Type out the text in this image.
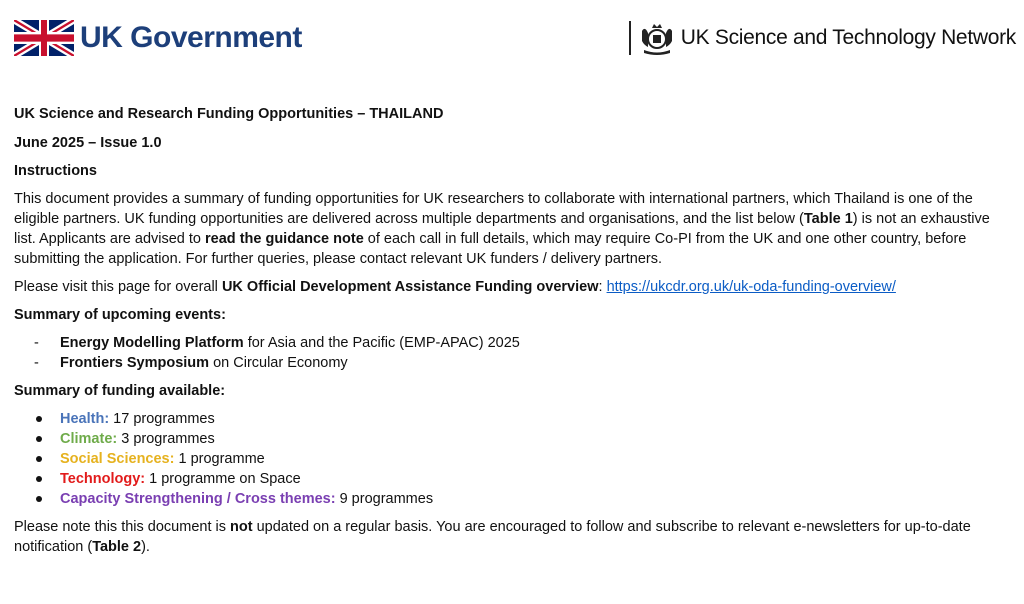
UK Government	UK Science and Technology Network

UK Science and Research Funding Opportunities – THAILAND

June 2025 – Issue 1.0

Instructions

This document provides a summary of funding opportunities for UK researchers to collaborate with international partners, which Thailand is one of the eligible partners. UK funding opportunities are delivered across multiple departments and organisations, and the list below (Table 1) is not an exhaustive list. Applicants are advised to read the guidance note of each call in full details, which may require Co-PI from the UK and one other country, before submitting the application. For further queries, please contact relevant UK funders / delivery partners.

Please visit this page for overall UK Official Development Assistance Funding overview: https://ukcdr.org.uk/uk-oda-funding-overview/

Summary of upcoming events:

- Energy Modelling Platform for Asia and the Pacific (EMP-APAC) 2025
- Frontiers Symposium on Circular Economy

Summary of funding available:

Health: 17 programmes
Climate: 3 programmes
Social Sciences: 1 programme
Technology: 1 programme on Space
Capacity Strengthening / Cross themes: 9 programmes

Please note this this document is not updated on a regular basis. You are encouraged to follow and subscribe to relevant e-newsletters for up-to-date notification (Table 2).
